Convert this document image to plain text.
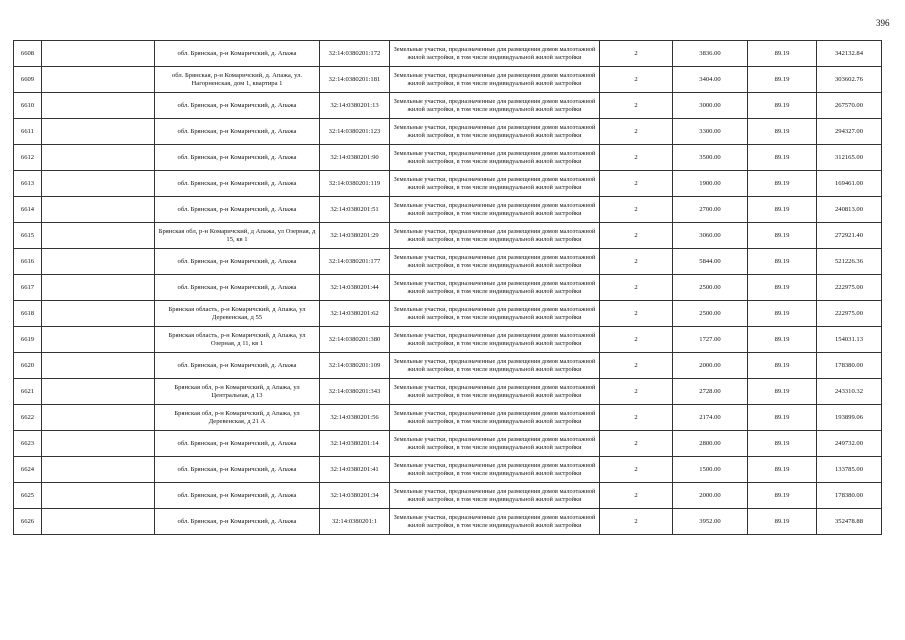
396
6608		обл. Брянская, р-н Комаричский, д. Апажа	32:14:0380201:172	Земельные участки, предназначенные для размещения домов малоэтажной жилой застройки, в том числе индивидуальной жилой застройки	2	3836.00	89.19	342132.84
6609		обл. Брянская, р-н Комаричский, д. Апажа, ул. Нагорненская, дом 1, квартира 1	32:14:0380201:181	Земельные участки, предназначенные для размещения домов малоэтажной жилой застройки, в том числе индивидуальной жилой застройки	2	3404.00	89.19	303602.76
6610		обл. Брянская, р-н Комаричский, д. Апажа	32:14:0380201:13	Земельные участки, предназначенные для размещения домов малоэтажной жилой застройки, в том числе индивидуальной жилой застройки	2	3000.00	89.19	267570.00
6611		обл. Брянская, р-н Комаричский, д. Апажа	32:14:0380201:123	Земельные участки, предназначенные для размещения домов малоэтажной жилой застройки, в том числе индивидуальной жилой застройки	2	3300.00	89.19	294327.00
6612		обл. Брянская, р-н Комаричский, д. Апажа	32:14:0380201:90	Земельные участки, предназначенные для размещения домов малоэтажной жилой застройки, в том числе индивидуальной жилой застройки	2	3500.00	89.19	312165.00
6613		обл. Брянская, р-н Комаричский, д. Апажа	32:14:0380201:119	Земельные участки, предназначенные для размещения домов малоэтажной жилой застройки, в том числе индивидуальной жилой застройки	2	1900.00	89.19	169461.00
6614		обл. Брянская, р-н Комаричский, д. Апажа	32:14:0380201:51	Земельные участки, предназначенные для размещения домов малоэтажной жилой застройки, в том числе индивидуальной жилой застройки	2	2700.00	89.19	240813.00
6615		Брянская обл, р-н Комаричский, д Апажа, ул Озерная, д 15, кв 1	32:14:0380201:29	Земельные участки, предназначенные для размещения домов малоэтажной жилой застройки, в том числе индивидуальной жилой застройки	2	3060.00	89.19	272921.40
6616		обл. Брянская, р-н Комаричский, д. Апажа	32:14:0380201:177	Земельные участки, предназначенные для размещения домов малоэтажной жилой застройки, в том числе индивидуальной жилой застройки	2	5844.00	89.19	521226.36
6617		обл. Брянская, р-н Комаричский, д. Апажа	32:14:0380201:44	Земельные участки, предназначенные для размещения домов малоэтажной жилой застройки, в том числе индивидуальной жилой застройки	2	2500.00	89.19	222975.00
6618		Брянская область, р-н Комаричский, д Апажа, ул Деревенская, д 55	32:14:0380201:62	Земельные участки, предназначенные для размещения домов малоэтажной жилой застройки, в том числе индивидуальной жилой застройки	2	2500.00	89.19	222975.00
6619		Брянская область, р-н Комаричский, д Апажа, ул Озерная, д 11, кв 1	32:14:0380201:380	Земельные участки, предназначенные для размещения домов малоэтажной жилой застройки, в том числе индивидуальной жилой застройки	2	1727.00	89.19	154031.13
6620		обл. Брянская, р-н Комаричский, д. Апажа	32:14:0380201:109	Земельные участки, предназначенные для размещения домов малоэтажной жилой застройки, в том числе индивидуальной жилой застройки	2	2000.00	89.19	178380.00
6621		Брянская обл, р-н Комаричский, д Апажа, ул Центральная, д 13	32:14:0380201:343	Земельные участки, предназначенные для размещения домов малоэтажной жилой застройки, в том числе индивидуальной жилой застройки	2	2728.00	89.19	243310.32
6622		Брянская обл, р-н Комаричский, д Апажа, ул Деревенская, д 21 А	32:14:0380201:56	Земельные участки, предназначенные для размещения домов малоэтажной жилой застройки, в том числе индивидуальной жилой застройки	2	2174.00	89.19	193899.06
6623		обл. Брянская, р-н Комаричский, д. Апажа	32:14:0380201:14	Земельные участки, предназначенные для размещения домов малоэтажной жилой застройки, в том числе индивидуальной жилой застройки	2	2800.00	89.19	249732.00
6624		обл. Брянская, р-н Комаричский, д. Апажа	32:14:0380201:41	Земельные участки, предназначенные для размещения домов малоэтажной жилой застройки, в том числе индивидуальной жилой застройки	2	1500.00	89.19	133785.00
6625		обл. Брянская, р-н Комаричский, д. Апажа	32:14:0380201:34	Земельные участки, предназначенные для размещения домов малоэтажной жилой застройки, в том числе индивидуальной жилой застройки	2	2000.00	89.19	178380.00
6626		обл. Брянская, р-н Комаричский, д. Апажа	32:14:0380201:1	Земельные участки, предназначенные для размещения домов малоэтажной жилой застройки, в том числе индивидуальной жилой застройки	2	3952.00	89.19	352478.88
